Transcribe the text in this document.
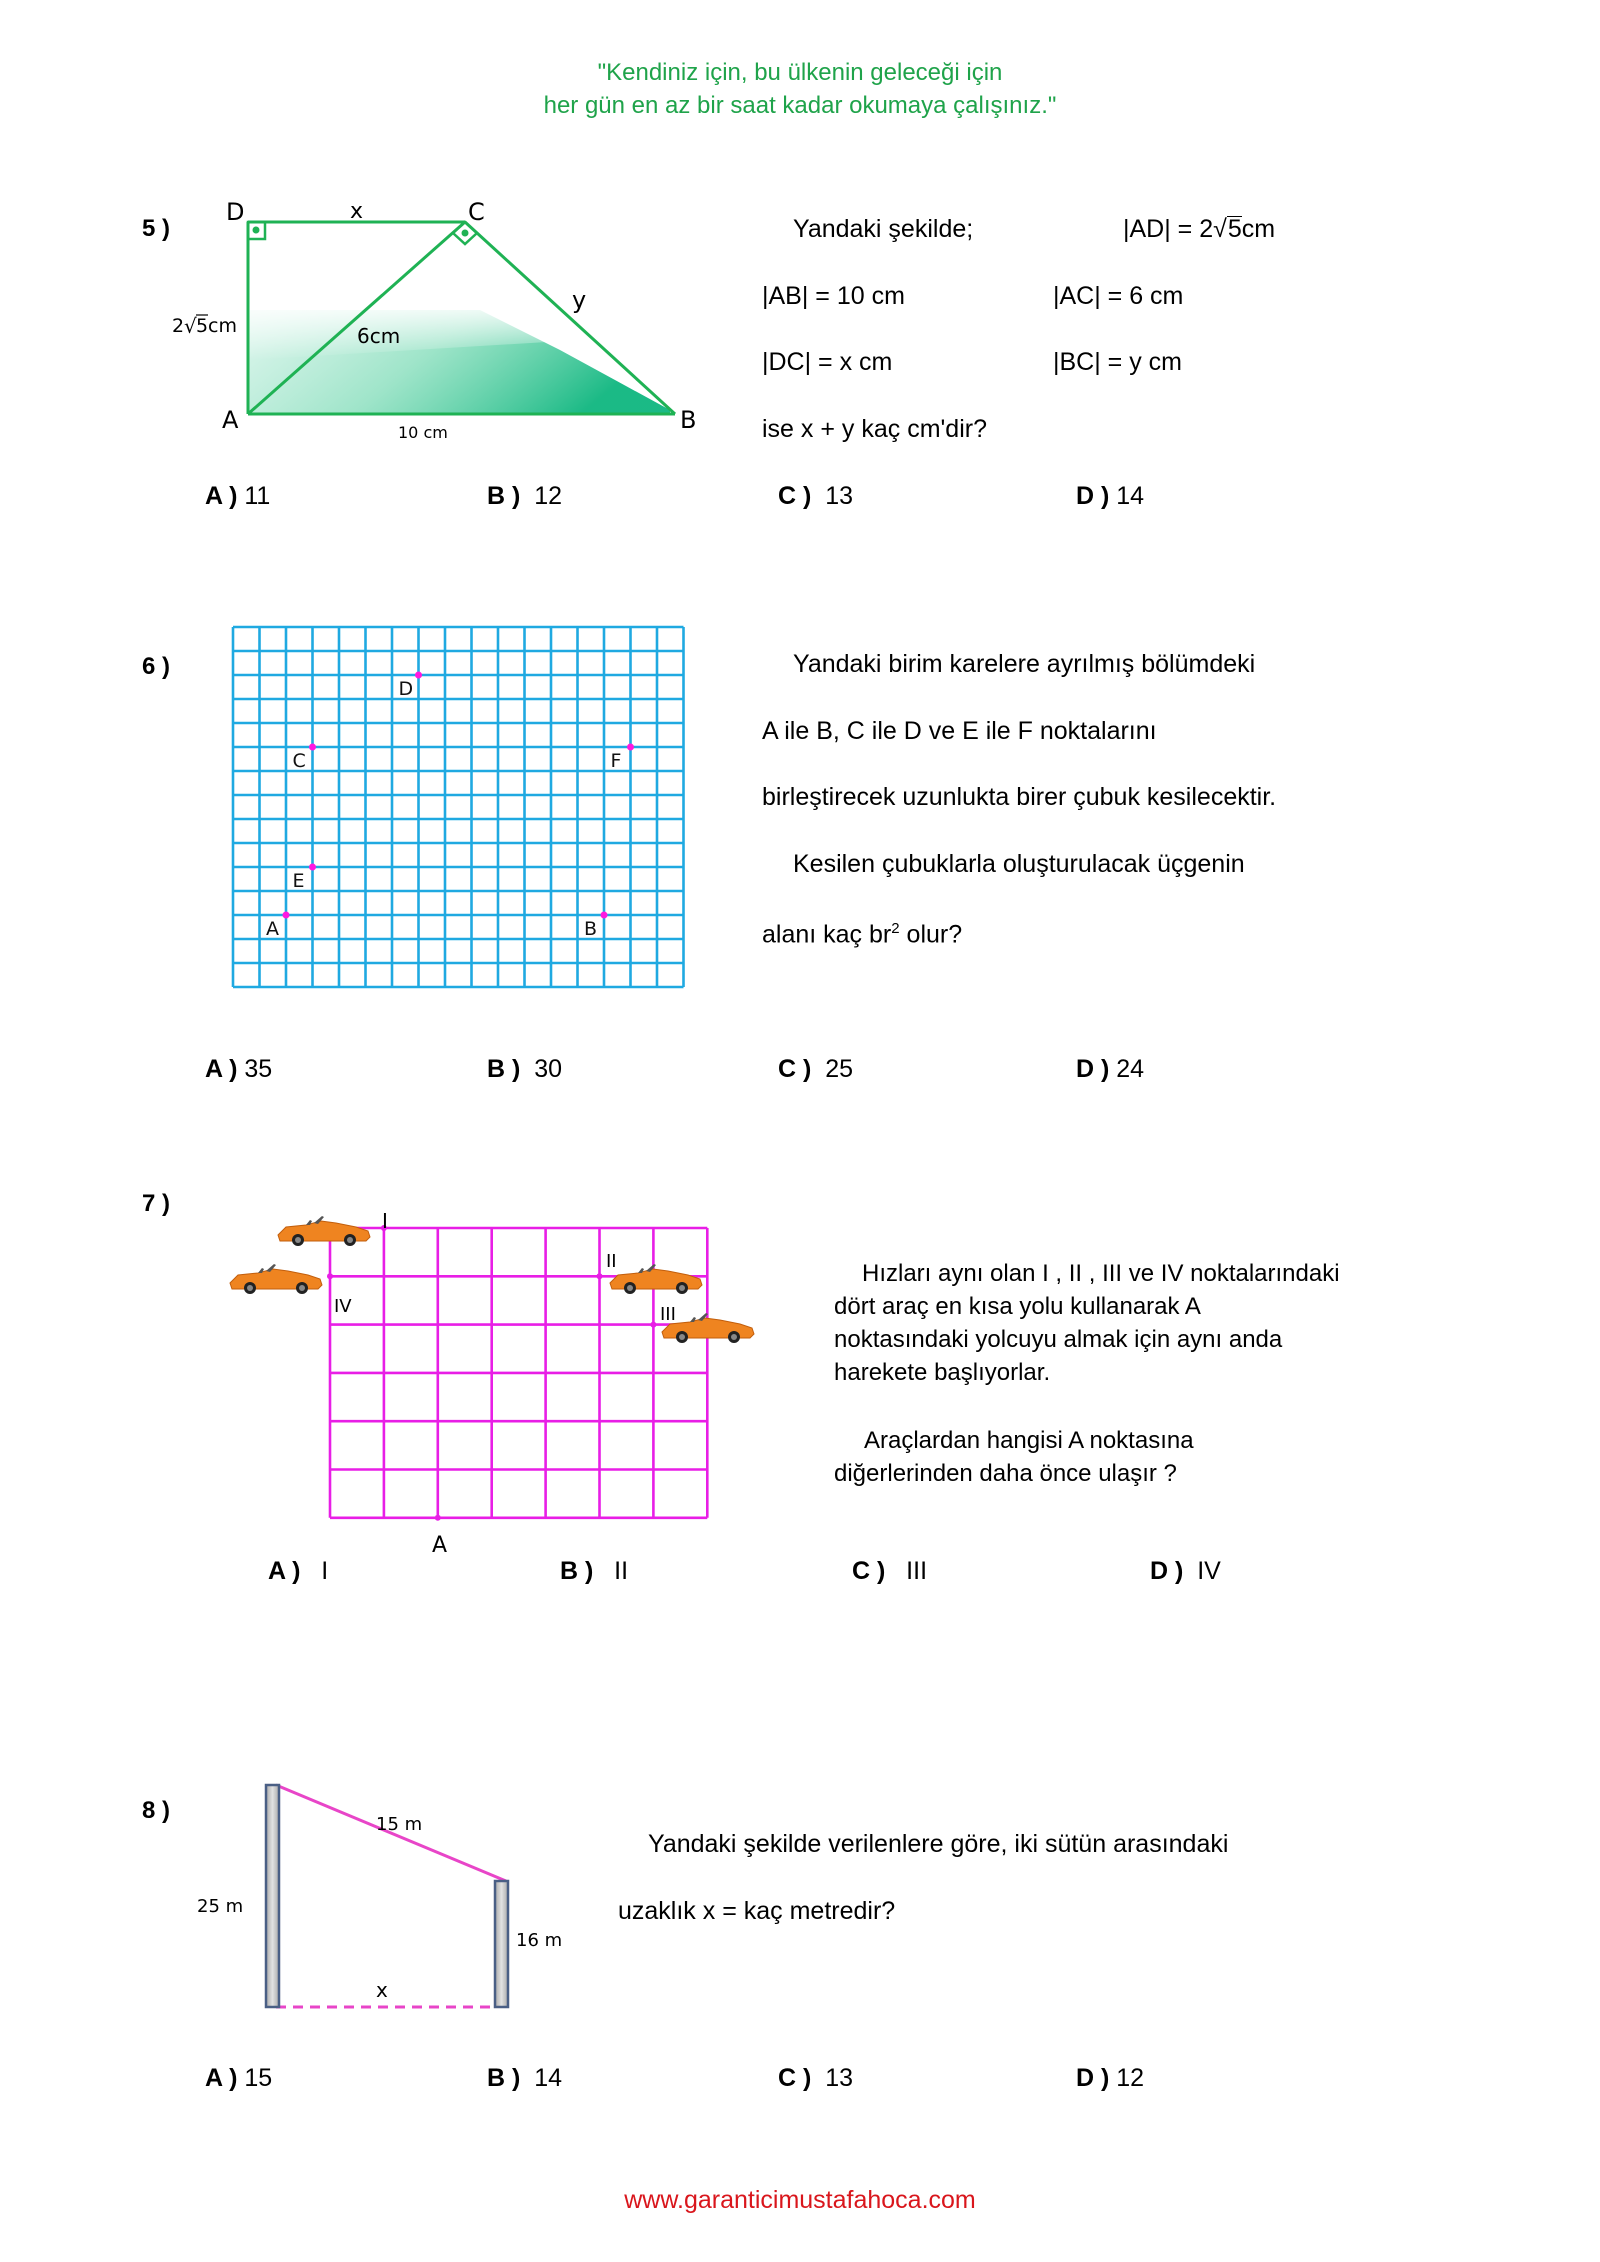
"Kendiniz için, bu ülkenin geleceği için
her gün en az bir saat kadar okumaya çalışınız."
5 )
D	C
A	B
x
y
6cm
10 cm
2 √ 5 cm
Yandaki şekilde;	|AD| = 2√5cm
|AB| = 10 cm	|AC| = 6 cm
|DC| = x cm	|BC| = y cm
ise x + y kaç cm'dir?
A ) 11	B ) 12	C ) 13	D ) 14
6 )
A	B
C
D
E
F
Yandaki birim karelere ayrılmış bölümdeki
A ile B, C ile D ve E ile F noktalarını
birleştirecek uzunlukta birer çubuk kesilecektir.
Kesilen çubuklarla oluşturulacak üçgenin
alanı kaç $br^2$ olur?
A ) 35	B ) 30	C ) 25	D ) 24
7 )
I
II
III
IV
A
Hızları aynı olan I , II , III ve IV noktalarındaki
dört araç en kısa yolu kullanarak A
noktasındaki yolcuyu almak için aynı anda
harekete başlıyorlar.
Araçlardan hangisi A noktasına
diğerlerinden daha önce ulaşır ?
A ) I	B ) II	C ) III	D ) IV
8 )
15 m
25 m
16 m
x
Yandaki şekilde verilenlere göre, iki sütün arasındaki
uzaklık x = kaç metredir?
A ) 15	B ) 14	C ) 13	D ) 12
www.garanticimustafahoca.com
